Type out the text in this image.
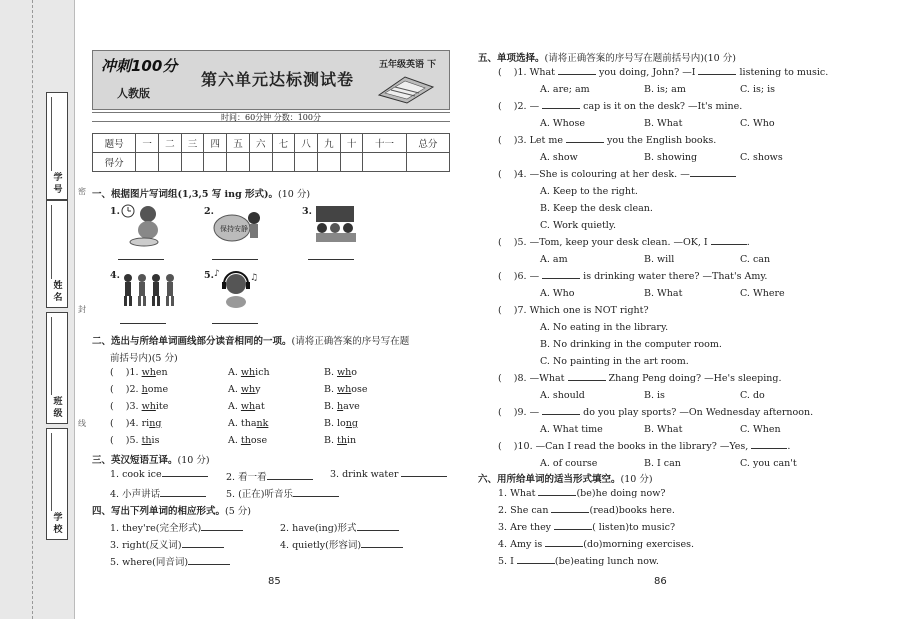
学 号
姓 名
班 级
学 校
密
封
线
冲刺100分
人教版
第六单元达标测试卷
五年级英语 下
时间：60分钟 分数：100分
题号	一	二	三	四	五	六	七	八	九	十	十一	总分
得分												
一、根据图片写词组(1,3,5 写 ing 形式)。(10 分)
1.	2.
保持安静
3.
4.	5. ♪	♫
二、选出与所给单词画线部分读音相同的一项。(请将正确答案的序号写在题
前括号内)(5 分)
(    )1. when	A. which	B. who
(    )2. home	A. why	B. whose
(    )3. white	A. what	B. have
(    )4. ring	A. thank	B. long
(    )5. this	A. those	B. thin
三、英汉短语互译。(10 分)
1. cook ice	2. 看一看	3. drink water
4. 小声讲话	5. (正在)听音乐
四、写出下列单词的相应形式。(5 分)
1. they're(完全形式)	2. have(ing)形式
3. right(反义词)	4. quietly(形容词)
5. where(同音词)
85
五、单项选择。(请将正确答案的序号写在题前括号内)(10 分)
(    )1. What	you doing, John? —I	listening to music.
A. are; am	B. is; am	C. is; is
(    )2. —	cap is it on the desk? —It's mine.
A. Whose	B. What	C. Who
(    )3. Let me	you the English books.
A. show	B. showing	C. shows
(    )4. —She is colouring at her desk. —
A. Keep to the right.
B. Keep the desk clean.
C. Work quietly.
(    )5. —Tom, keep your desk clean. —OK, I	.
A. am	B. will	C. can
(    )6. —	is drinking water there? —That's Amy.
A. Who	B. What	C. Where
(    )7. Which one is NOT right?
A. No eating in the library.
B. No drinking in the computer room.
C. No painting in the art room.
(    )8. —What	Zhang Peng doing? —He's sleeping.
A. should	B. is	C. do
(    )9. —	do you play sports? —On Wednesday afternoon.
A. What time	B. What	C. When
(    )10. —Can I read the books in the library? —Yes,	.
A. of course	B. I can	C. you can't
六、用所给单词的适当形式填空。(10 分)
1. What	(be)he doing now?
2. She can	(read)books here.
3. Are they	( listen)to music?
4. Amy is	(do)morning exercises.
5. I	(be)eating lunch now.
86
